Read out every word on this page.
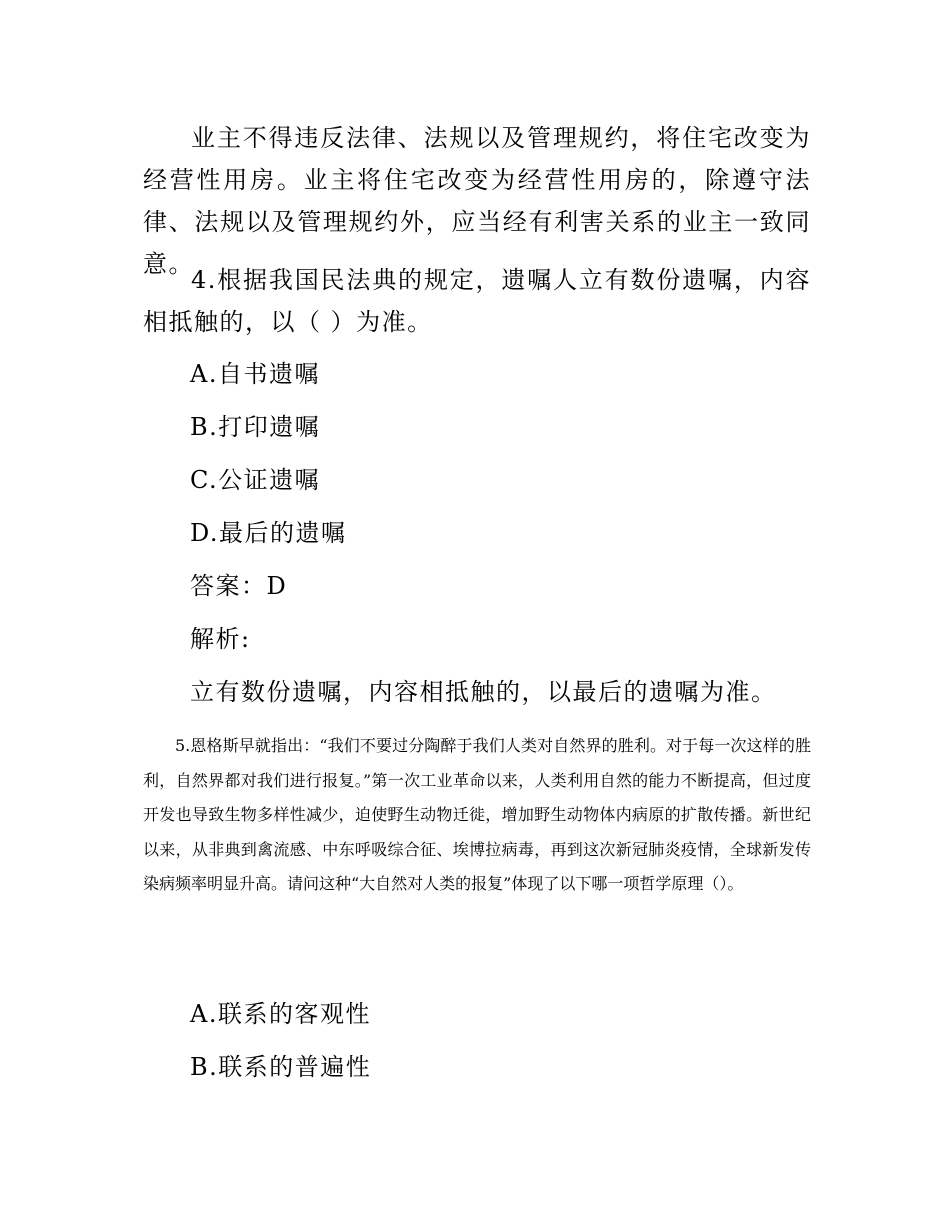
业主不得违反法律、法规以及管理规约，将住宅改变为经营性用房。业主将住宅改变为经营性用房的，除遵守法律、法规以及管理规约外，应当经有利害关系的业主一致同意。

4.根据我国民法典的规定，遗嘱人立有数份遗嘱，内容相抵触的，以（ ）为准。

A.自书遗嘱

B.打印遗嘱

C.公证遗嘱

D.最后的遗嘱

答案：D

解析:

立有数份遗嘱，内容相抵触的，以最后的遗嘱为准。

5.恩格斯早就指出：“我们不要过分陶醉于我们人类对自然界的胜利。对于每一次这样的胜利，自然界都对我们进行报复。”第一次工业革命以来，人类利用自然的能力不断提高，但过度开发也导致生物多样性减少，迫使野生动物迁徙，增加野生动物体内病原的扩散传播。新世纪以来，从非典到禽流感、中东呼吸综合征、埃博拉病毒，再到这次新冠肺炎疫情，全球新发传染病频率明显升高。请问这种“大自然对人类的报复”体现了以下哪一项哲学原理（）。

A.联系的客观性

B.联系的普遍性
